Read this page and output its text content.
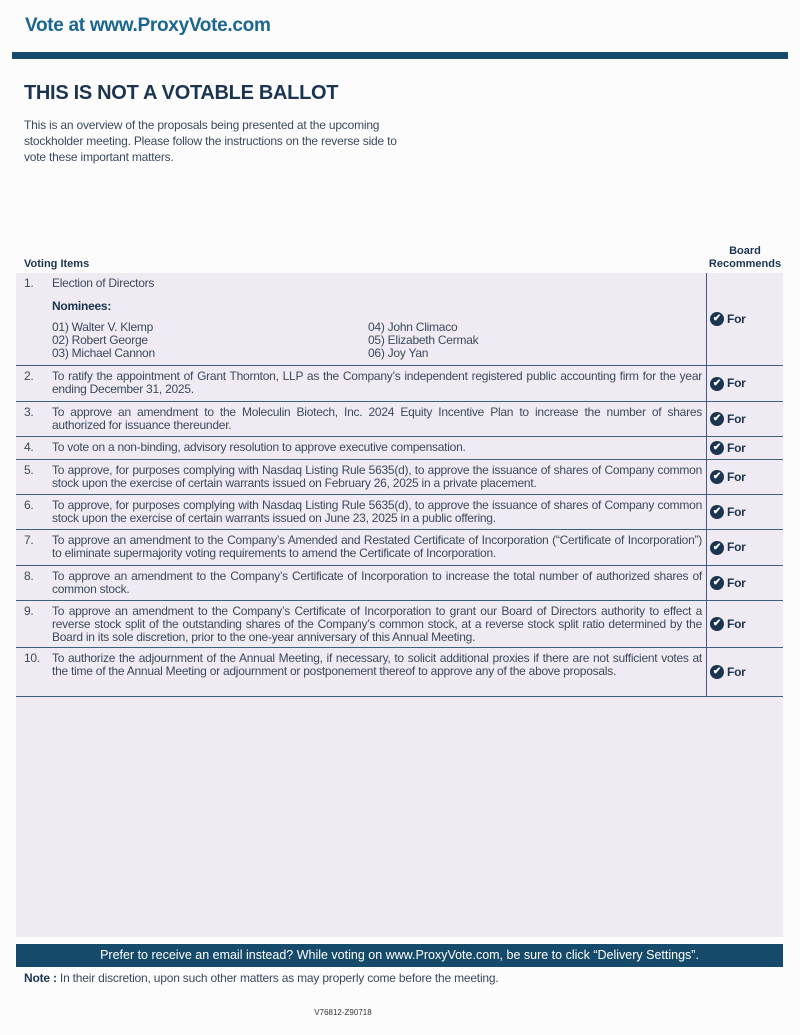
Vote at www.ProxyVote.com
THIS IS NOT A VOTABLE BALLOT

This is an overview of the proposals being presented at the upcoming stockholder meeting. Please follow the instructions on the reverse side to vote these important matters.

Voting Items
Board Recommends
10. To authorize the adjournment of the Annual Meeting, if necessary, to solicit additional proxies if there are not sufficient votes at the time of the Annual Meeting or adjournment or postponement thereof to approve any of the above proposals.	✔ For
9. To approve an amendment to the Company’s Certificate of Incorporation to grant our Board of Directors authority to effect a reverse stock split of the outstanding shares of the Company’s common stock, at a reverse stock split ratio determined by the Board in its sole discretion, prior to the one-year anniversary of this Annual Meeting.
✔ For
8. To approve an amendment to the Company’s Certificate of Incorporation to increase the total number of authorized shares of common stock.	✔ For
7. To approve an amendment to the Company’s Amended and Restated Certificate of Incorporation (“Certificate of Incorporation”) to eliminate supermajority voting requirements to amend the Certificate of Incorporation.	✔ For
6. To approve, for purposes complying with Nasdaq Listing Rule 5635(d), to approve the issuance of shares of Company common stock upon the exercise of certain warrants issued on June 23, 2025 in a public offering.	✔ For
5. To approve, for purposes complying with Nasdaq Listing Rule 5635(d), to approve the issuance of shares of Company common stock upon the exercise of certain warrants issued on February 26, 2025 in a private placement.	✔ For
4. To vote on a non-binding, advisory resolution to approve executive compensation.	✔ For
3. To approve an amendment to the Moleculin Biotech, Inc. 2024 Equity Incentive Plan to increase the number of shares authorized for issuance thereunder.	✔ For
2. To ratify the appointment of Grant Thornton, LLP as the Company’s independent registered public accounting firm for the year ending December 31, 2025.	✔ For
1. Election of Directors
Nominees:
01) Walter V. Klemp	04) John Climaco
02) Robert George	05) Elizabeth Cermak
03) Michael Cannon	06) Joy Yan
✔ For
Note : In their discretion, upon such other matters as may properly come before the meeting.
Prefer to receive an email instead? While voting on www.ProxyVote.com, be sure to click “Delivery Settings”.
V76812-Z90718
